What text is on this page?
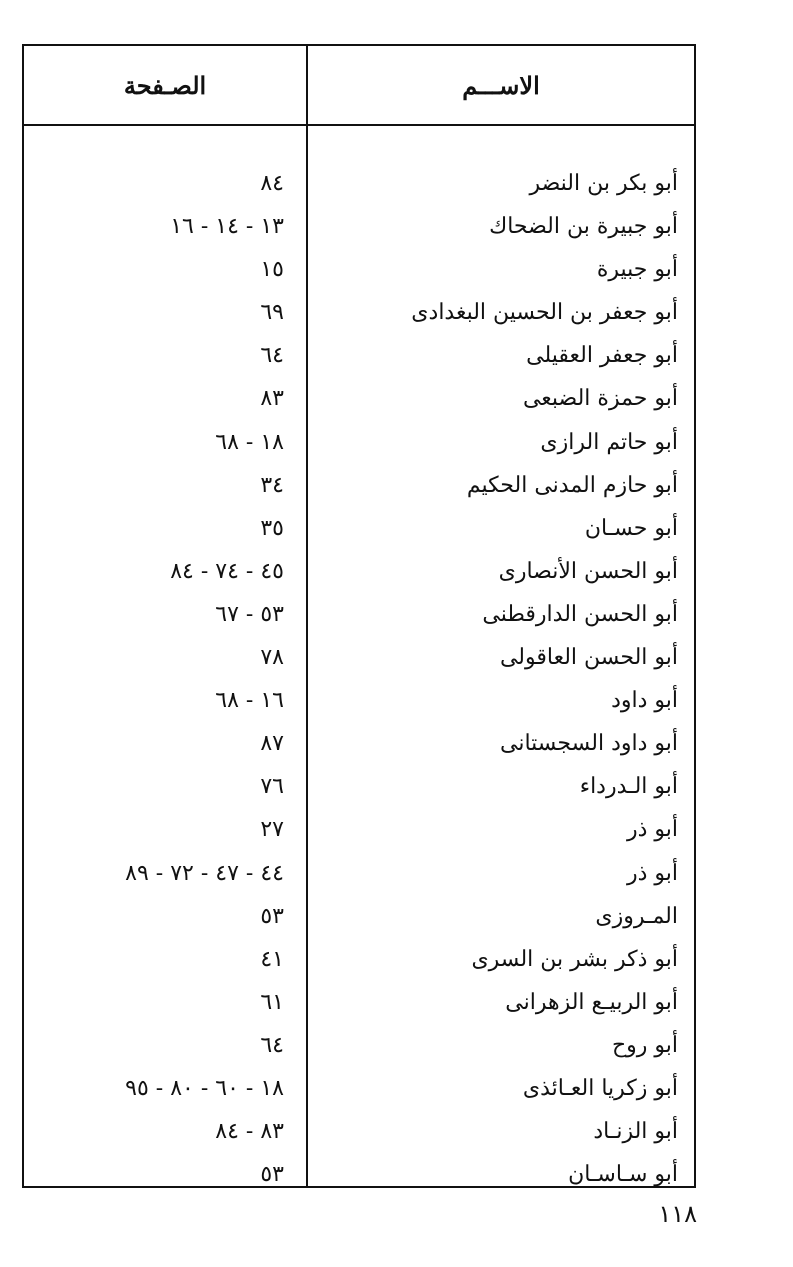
الاســـم
الصـفحة
أبو بكر بن النضر
٨٤
أبو جبيرة بن الضحاك
١٣ - ١٤ - ١٦
أبو جبيرة
١٥
أبو جعفر بن الحسين البغدادى
٦٩
أبو جعفر العقيلى
٦٤
أبو حمزة الضبعى
٨٣
أبو حاتم الرازى
١٨ - ٦٨
أبو حازم المدنى الحكيم
٣٤
أبو حسـان
٣٥
أبو الحسن الأنصارى
٤٥ - ٧٤ - ٨٤
أبو الحسن الدارقطنى
٥٣ - ٦٧
أبو الحسن العاقولى
٧٨
أبو داود
١٦ - ٦٨
أبو داود السجستانى
٨٧
أبو الـدرداء
٧٦
أبو ذر
٢٧
أبو ذر
٤٤ - ٤٧ - ٧٢ - ٨٩
المـروزى
٥٣
أبو ذكر بشر بن السرى
٤١
أبو الربيـع الزهرانى
٦١
أبو روح
٦٤
أبو زكريا العـائذى
١٨ - ٦٠ - ٨٠ - ٩٥
أبو الزنـاد
٨٣ - ٨٤
أبو سـاسـان
٥٣
١١٨
